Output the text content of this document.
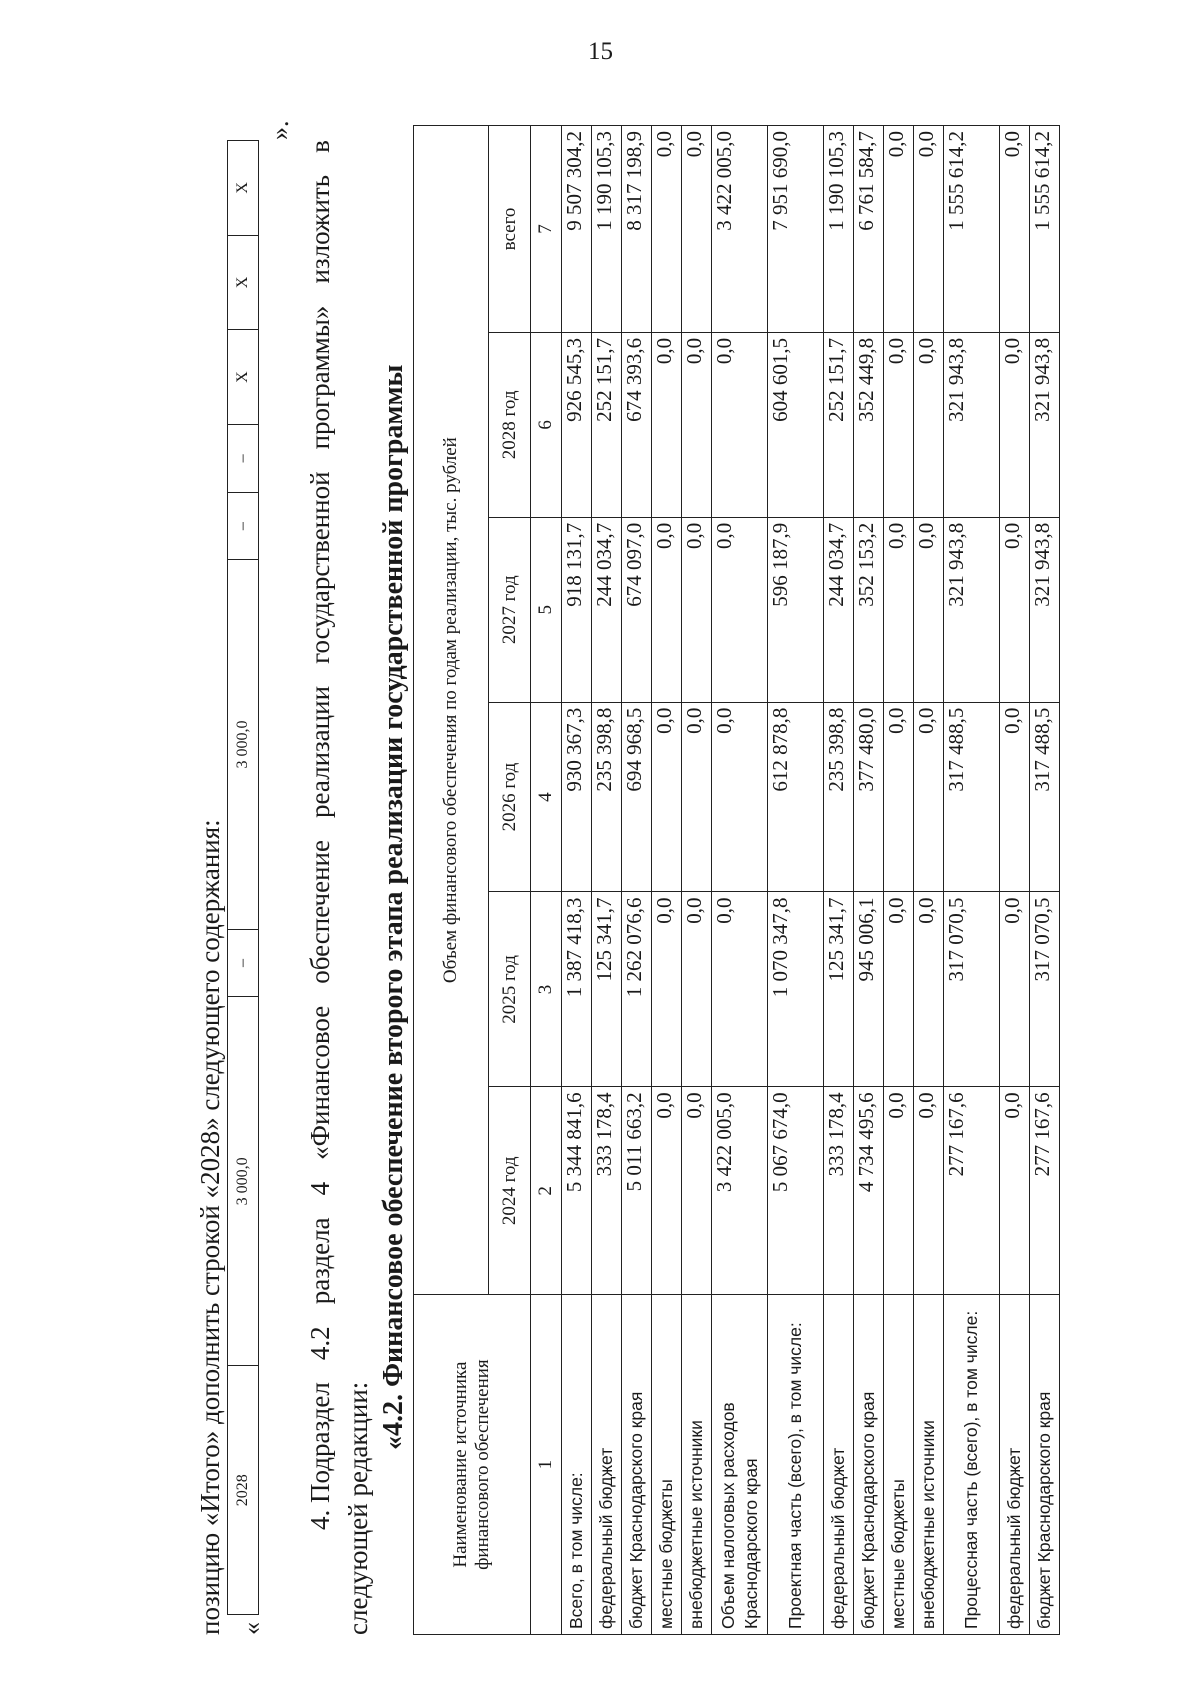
15
позицию «Итого» дополнить строкой «2028» следующего содержания: «
2028	3 000,0	–	3 000,0	–	–	X	X	X
».
4. Подраздел
4.2
раздела
4
«Финансовое
обеспечение
реализации
государственной
программы»
изложить
в
следующей редакции:
«4.2. Финансовое обеспечение второго этапа реализации государственной программы
Наименование источника финансового обеспечения	Объем финансового обеспечения по годам реализации, тыс. рублей					
	2024 год	2025 год	2026 год	2027 год	2028 год	всего
1	2	3	4	5	6	7
Всего, в том числе:	5 344 841,6	1 387 418,3	930 367,3	918 131,7	926 545,3	9 507 304,2
федеральный бюджет	333 178,4	125 341,7	235 398,8	244 034,7	252 151,7	1 190 105,3
бюджет Краснодарского края	5 011 663,2	1 262 076,6	694 968,5	674 097,0	674 393,6	8 317 198,9
местные бюджеты	0,0	0,0	0,0	0,0	0,0	0,0
внебюджетные источники	0,0	0,0	0,0	0,0	0,0	0,0
Объем налоговых расходов Краснодарского края	3 422 005,0	0,0	0,0	0,0	0,0	3 422 005,0
Проектная часть (всего), в том числе:	5 067 674,0	1 070 347,8	612 878,8	596 187,9	604 601,5	7 951 690,0
федеральный бюджет	333 178,4	125 341,7	235 398,8	244 034,7	252 151,7	1 190 105,3
бюджет Краснодарского края	4 734 495,6	945 006,1	377 480,0	352 153,2	352 449,8	6 761 584,7
местные бюджеты	0,0	0,0	0,0	0,0	0,0	0,0
внебюджетные источники	0,0	0,0	0,0	0,0	0,0	0,0
Процессная часть (всего), в том числе:	277 167,6	317 070,5	317 488,5	321 943,8	321 943,8	1 555 614,2
федеральный бюджет	0,0	0,0	0,0	0,0	0,0	0,0
бюджет Краснодарского края	277 167,6	317 070,5	317 488,5	321 943,8	321 943,8	1 555 614,2
